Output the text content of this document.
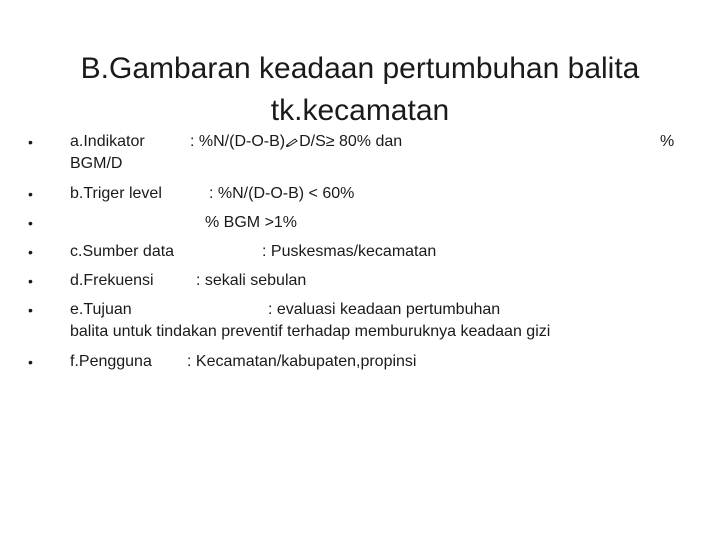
B.Gambaran keadaan pertumbuhan balita
tk.kecamatan
• a.Indikator	: %N/(D-O-B) D/S≥ 80% dan	%
BGM/D
• b.Triger level	: %N/(D-O-B) < 60%
•	% BGM >1%
• c.Sumber data	: Puskesmas/kecamatan
• d.Frekuensi	: sekali sebulan
• e.Tujuan	: evaluasi keadaan pertumbuhan
balita untuk tindakan preventif terhadap memburuknya keadaan gizi
• f.Pengguna : Kecamatan/kabupaten,propinsi
